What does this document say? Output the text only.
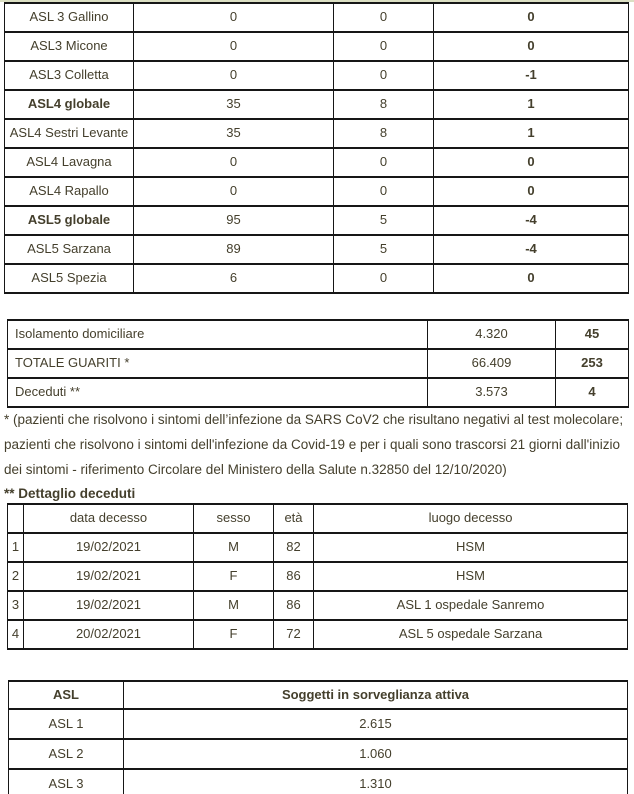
ASL 3 Gallino	0	0	0
ASL3 Micone	0	0	0
ASL3 Colletta	0	0	-1
ASL4 globale	35	8	1
ASL4 Sestri Levante	35	8	1
ASL4 Lavagna	0	0	0
ASL4 Rapallo	0	0	0
ASL5 globale	95	5	-4
ASL5 Sarzana	89	5	-4
ASL5 Spezia	6	0	0
Isolamento domiciliare	4.320	45
TOTALE GUARITI *	66.409	253
Deceduti **	3.573	4
* (pazienti che risolvono i sintomi dell’infezione da SARS CoV2 che risultano negativi al test molecolare; pazienti che risolvono i sintomi dell'infezione da Covid-19 e per i quali sono trascorsi 21 giorni dall'inizio dei sintomi - riferimento Circolare del Ministero della Salute n.32850 del 12/10/2020)
** Dettaglio deceduti
	data decesso	sesso	età	luogo decesso
1	19/02/2021	M	82	HSM
2	19/02/2021	F	86	HSM
3	19/02/2021	M	86	ASL 1 ospedale Sanremo
4	20/02/2021	F	72	ASL 5 ospedale Sarzana
ASL	Soggetti in sorveglianza attiva
ASL 1	2.615
ASL 2	1.060
ASL 3	1.310
